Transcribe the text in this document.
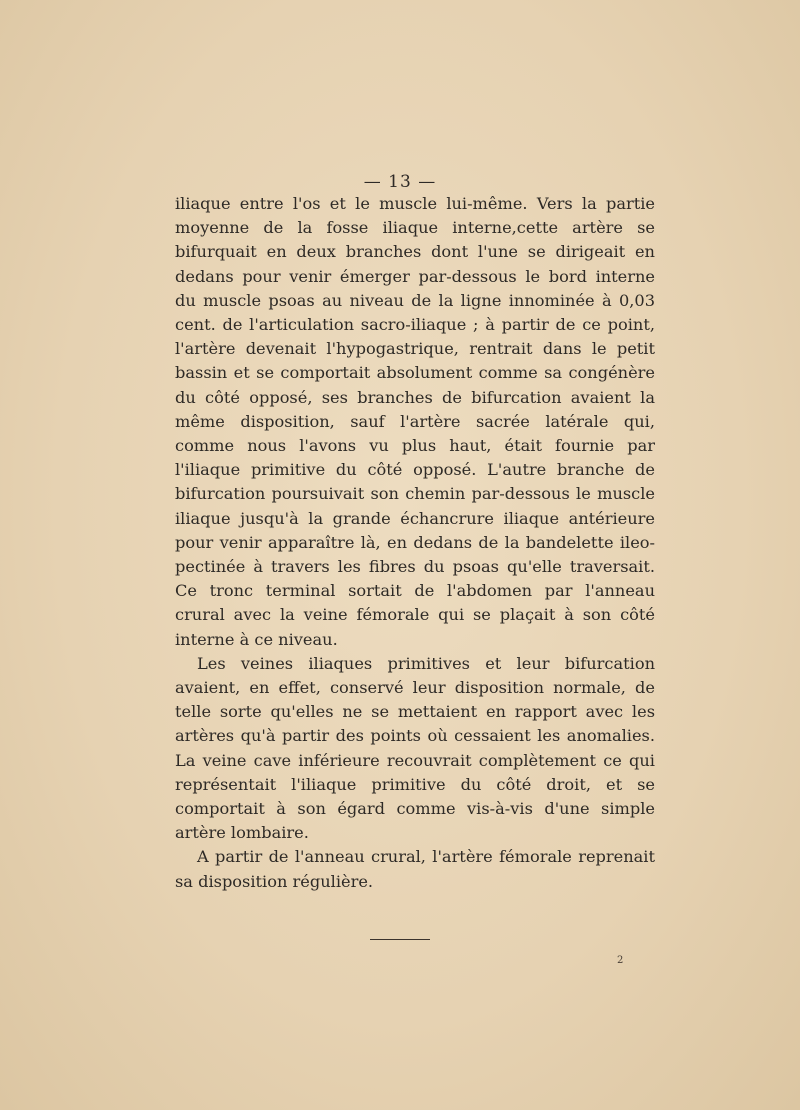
— 13 —

iliaque entre l'os et le muscle lui-même. Vers la partie moyenne de la fosse iliaque interne,cette artère se bifurquait en deux branches dont l'une se dirigeait en dedans pour venir émerger par-dessous le bord interne du muscle psoas au niveau de la ligne innominée à 0,03 cent. de l'articulation sacro-iliaque ; à partir de ce point, l'artère devenait l'hypogastrique, rentrait dans le petit bassin et se comportait absolument comme sa congénère du côté opposé, ses branches de bifurcation avaient la même disposition, sauf l'artère sacrée latérale qui, comme nous l'avons vu plus haut, était fournie par l'iliaque primitive du côté opposé. L'autre branche de bifurcation poursuivait son chemin par-dessous le muscle iliaque jusqu'à la grande échancrure iliaque antérieure pour venir apparaître là, en dedans de la bandelette ileo-pectinée à travers les fibres du psoas qu'elle traversait. Ce tronc terminal sortait de l'abdomen par l'anneau crural avec la veine fémorale qui se plaçait à son côté interne à ce niveau.

Les veines iliaques primitives et leur bifurcation avaient, en effet, conservé leur disposition normale, de telle sorte qu'elles ne se mettaient en rapport avec les artères qu'à partir des points où cessaient les anomalies. La veine cave inférieure recouvrait complètement ce qui représentait l'iliaque primitive du côté droit, et se comportait à son égard comme vis-à-vis d'une simple artère lombaire.

A partir de l'anneau crural, l'artère fémorale reprenait sa disposition régulière.

2
